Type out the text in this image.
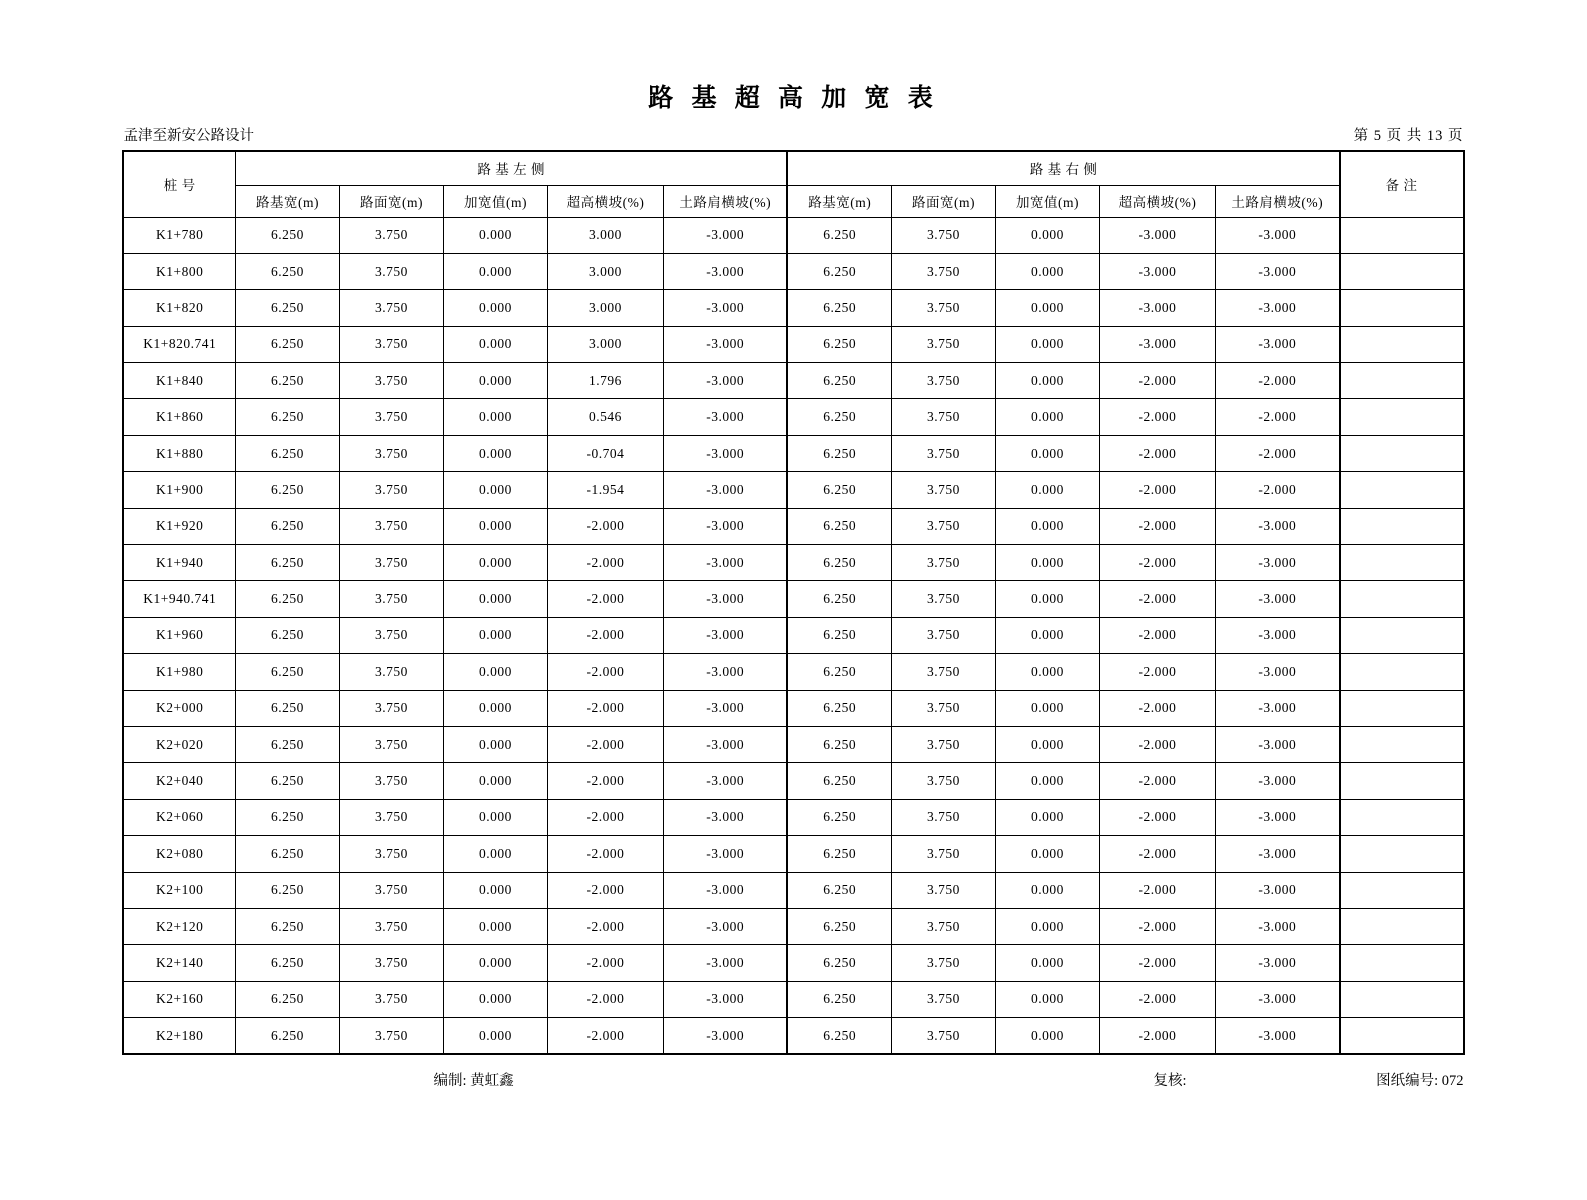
路 基 超 高 加 宽 表
孟津至新安公路设计	第 5 页 共 13 页
桩 号	路 基 左 侧					路 基 右 侧					备 注
	路基宽(m)	路面宽(m)	加宽值(m)	超高横坡(%)	土路肩横坡(%)	路基宽(m)	路面宽(m)	加宽值(m)	超高横坡(%)	土路肩横坡(%)	
K1+780	6.250	3.750	0.000	3.000	-3.000	6.250	3.750	0.000	-3.000	-3.000	
K1+800	6.250	3.750	0.000	3.000	-3.000	6.250	3.750	0.000	-3.000	-3.000	
K1+820	6.250	3.750	0.000	3.000	-3.000	6.250	3.750	0.000	-3.000	-3.000	
K1+820.741	6.250	3.750	0.000	3.000	-3.000	6.250	3.750	0.000	-3.000	-3.000	
K1+840	6.250	3.750	0.000	1.796	-3.000	6.250	3.750	0.000	-2.000	-2.000	
K1+860	6.250	3.750	0.000	0.546	-3.000	6.250	3.750	0.000	-2.000	-2.000	
K1+880	6.250	3.750	0.000	-0.704	-3.000	6.250	3.750	0.000	-2.000	-2.000	
K1+900	6.250	3.750	0.000	-1.954	-3.000	6.250	3.750	0.000	-2.000	-2.000	
K1+920	6.250	3.750	0.000	-2.000	-3.000	6.250	3.750	0.000	-2.000	-3.000	
K1+940	6.250	3.750	0.000	-2.000	-3.000	6.250	3.750	0.000	-2.000	-3.000	
K1+940.741	6.250	3.750	0.000	-2.000	-3.000	6.250	3.750	0.000	-2.000	-3.000	
K1+960	6.250	3.750	0.000	-2.000	-3.000	6.250	3.750	0.000	-2.000	-3.000	
K1+980	6.250	3.750	0.000	-2.000	-3.000	6.250	3.750	0.000	-2.000	-3.000	
K2+000	6.250	3.750	0.000	-2.000	-3.000	6.250	3.750	0.000	-2.000	-3.000	
K2+020	6.250	3.750	0.000	-2.000	-3.000	6.250	3.750	0.000	-2.000	-3.000	
K2+040	6.250	3.750	0.000	-2.000	-3.000	6.250	3.750	0.000	-2.000	-3.000	
K2+060	6.250	3.750	0.000	-2.000	-3.000	6.250	3.750	0.000	-2.000	-3.000	
K2+080	6.250	3.750	0.000	-2.000	-3.000	6.250	3.750	0.000	-2.000	-3.000	
K2+100	6.250	3.750	0.000	-2.000	-3.000	6.250	3.750	0.000	-2.000	-3.000	
K2+120	6.250	3.750	0.000	-2.000	-3.000	6.250	3.750	0.000	-2.000	-3.000	
K2+140	6.250	3.750	0.000	-2.000	-3.000	6.250	3.750	0.000	-2.000	-3.000	
K2+160	6.250	3.750	0.000	-2.000	-3.000	6.250	3.750	0.000	-2.000	-3.000	
K2+180	6.250	3.750	0.000	-2.000	-3.000	6.250	3.750	0.000	-2.000	-3.000	
编制: 黄虹鑫	复核:	图纸编号: 072
